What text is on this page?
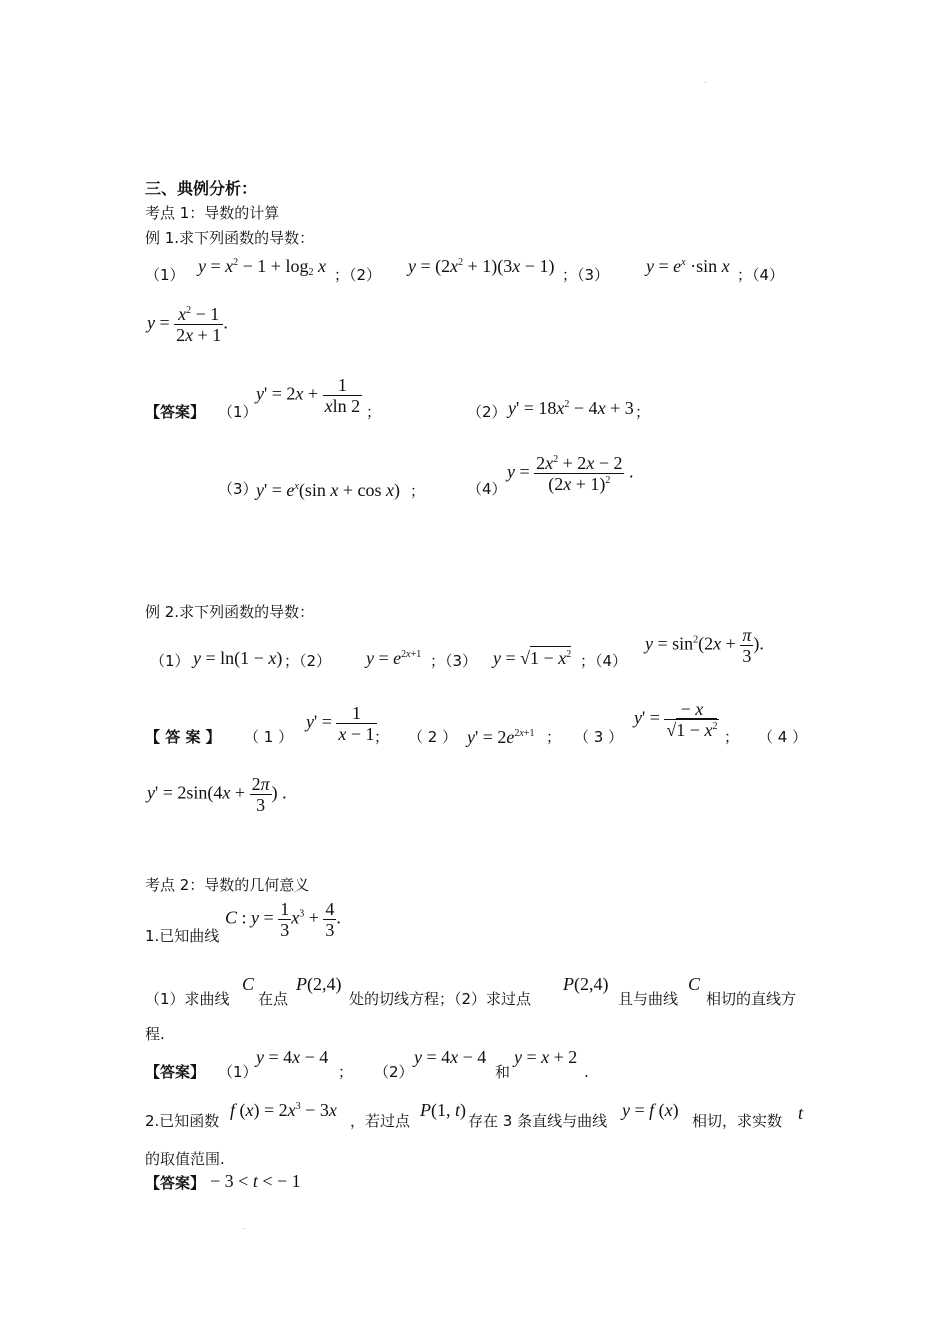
.
.
三、典例分析：
考点 1：导数的计算
例 1.求下列函数的导数：
（1） $y = x^2 - 1 + \log_2 x$ ；（2） $y = (2x^2 + 1)(3x - 1)$ ；（3） $y = e^x \cdot\sin$ x ；（4）
$y = \frac{x^2 - 1}{2x + 1}$ .
【答案】 （1）
$y' = 2x + \frac{1}{xln 2}$ ；	（2） $y' = 18x^2 - 4x + 3$ ；
（3）
$y' = e^x(\sin$ x + cos x) ；	（4）
$y = \frac{2x^2 + 2x - 2}{(2x + 1)^2}$ .
例 2.求下列函数的导数：
（1） y = ln(1 − x) ；（2） $y = e^{2x+1}$ ；（3） $y = √1 - x^2$ ；（4）
$y = \sin^2(2x + \frac{\pi}{3}$ ).
【 答 案 】 （ 1 ）
$y' = \frac{1}{x - 1}$
； （ 2 ） $y' = 2e^{2x+1}$ ； （ 3 ）
$y' = \frac{- x}{√1 - x^2}$ ； （ 4 ）
$y' = 2\sin(4x + \frac{2\pi}{3}$ ) .
考点 2：导数的几何意义
1.已知曲线
C : $y = \frac{1}{3} x^3 + \frac{4}{3}$ .
（1）求曲线
C
在点
P(2,4)
处的切线方程；（2）求过点
P(2,4)
且与曲线
C
相切的直线方
程.
【答案】 （1）
y = 4x − 4
； （2）
y = 4x − 4
和
y = x + 2
.
2.已知函数
f $(x) = 2x^3 - 3x$
，若过点
P(1, t)
存在 3 条直线与曲线
y = f (x)
相切，求实数 t
的取值范围.
【答案】 − 3 < t < − 1
